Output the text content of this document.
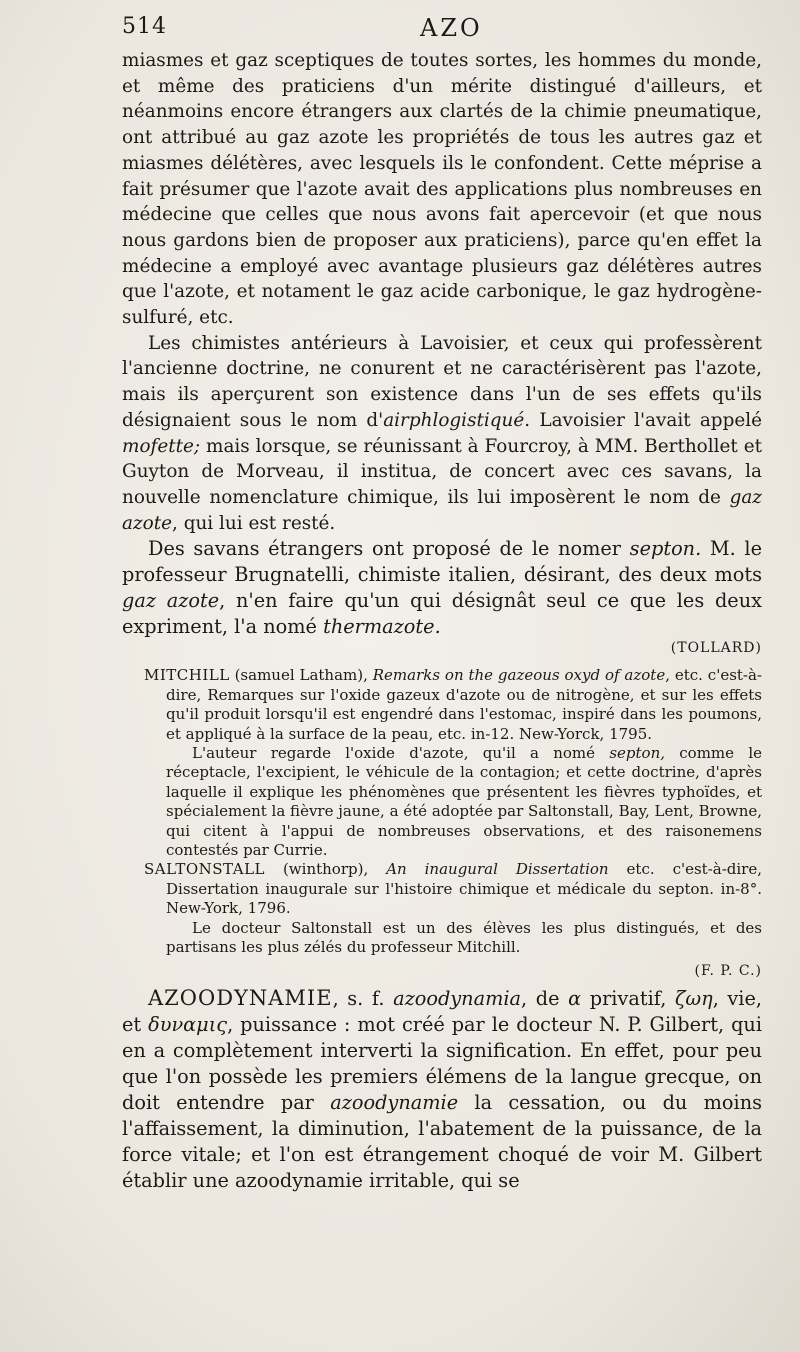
514	AZO

miasmes et gaz sceptiques de toutes sortes, les hommes du monde, et même des praticiens d'un mérite distingué d'ailleurs, et néanmoins encore étrangers aux clartés de la chimie pneumatique, ont attribué au gaz azote les propriétés de tous les autres gaz et miasmes délétères, avec lesquels ils le confondent. Cette méprise a fait présumer que l'azote avait des applications plus nombreuses en médecine que celles que nous avons fait apercevoir (et que nous nous gardons bien de proposer aux praticiens), parce qu'en effet la médecine a employé avec avantage plusieurs gaz délétères autres que l'azote, et notament le gaz acide carbonique, le gaz hydrogène-sulfuré, etc.

Les chimistes antérieurs à Lavoisier, et ceux qui professèrent l'ancienne doctrine, ne conurent et ne caractérisèrent pas l'azote, mais ils aperçurent son existence dans l'un de ses effets qu'ils désignaient sous le nom d'airphlogistiqué. Lavoisier l'avait appelé mofette; mais lorsque, se réunissant à Fourcroy, à MM. Berthollet et Guyton de Morveau, il institua, de concert avec ces savans, la nouvelle nomenclature chimique, ils lui imposèrent le nom de gaz azote, qui lui est resté.

Des savans étrangers ont proposé de le nomer septon. M. le professeur Brugnatelli, chimiste italien, désirant, des deux mots gaz azote, n'en faire qu'un qui désignât seul ce que les deux expriment, l'a nomé thermazote.

(TOLLARD)

MITCHILL (samuel Latham), Remarks on the gazeous oxyd of azote, etc. c'est-à-dire, Remarques sur l'oxide gazeux d'azote ou de nitrogène, et sur les effets qu'il produit lorsqu'il est engendré dans l'estomac, inspiré dans les poumons, et appliqué à la surface de la peau, etc. in-12. New-Yorck, 1795.

L'auteur regarde l'oxide d'azote, qu'il a nomé septon, comme le réceptacle, l'excipient, le véhicule de la contagion; et cette doctrine, d'après laquelle il explique les phénomènes que présentent les fièvres typhoïdes, et spécialement la fièvre jaune, a été adoptée par Saltonstall, Bay, Lent, Browne, qui citent à l'appui de nombreuses observations, et des raisonemens contestés par Currie.

SALTONSTALL (winthorp), An inaugural Dissertation etc. c'est-à-dire, Dissertation inaugurale sur l'histoire chimique et médicale du septon. in-8°. New-York, 1796.

Le docteur Saltonstall est un des élèves les plus distingués, et des partisans les plus zélés du professeur Mitchill.

(F. P. C.)

AZOODYNAMIE, s. f. azoodynamia, de α privatif, ζωη, vie, et δυναμις, puissance : mot créé par le docteur N. P. Gilbert, qui en a complètement interverti la signification. En effet, pour peu que l'on possède les premiers élémens de la langue grecque, on doit entendre par azoodynamie la cessation, ou du moins l'affaissement, la diminution, l'abatement de la puissance, de la force vitale; et l'on est étrangement choqué de voir M. Gilbert établir une azoodynamie irritable, qui se
